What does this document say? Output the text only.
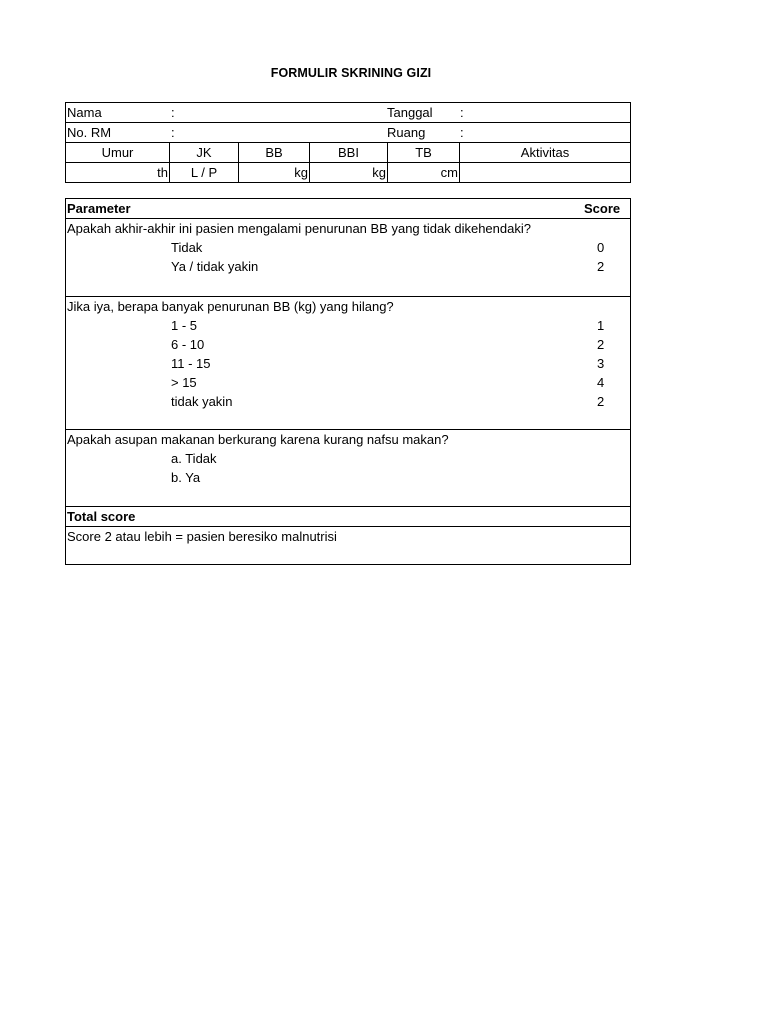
FORMULIR SKRINING GIZI
Nama	:	Tanggal :
No. RM	:	Ruang	:
Umur	JK	BB	BBI	TB	Aktivitas
th	L / P	kg	kg	cm
Parameter	Score
Apakah akhir-akhir ini pasien mengalami penurunan BB yang tidak dikehendaki?
Tidak	0
Ya / tidak yakin	2
Jika iya, berapa banyak penurunan BB (kg) yang hilang?
1 - 5	1
6 - 10	2
11 - 15	3
> 15	4
tidak yakin	2
Apakah asupan makanan berkurang karena kurang nafsu makan?
a. Tidak
b. Ya
Total score
Score 2 atau lebih = pasien beresiko malnutrisi
